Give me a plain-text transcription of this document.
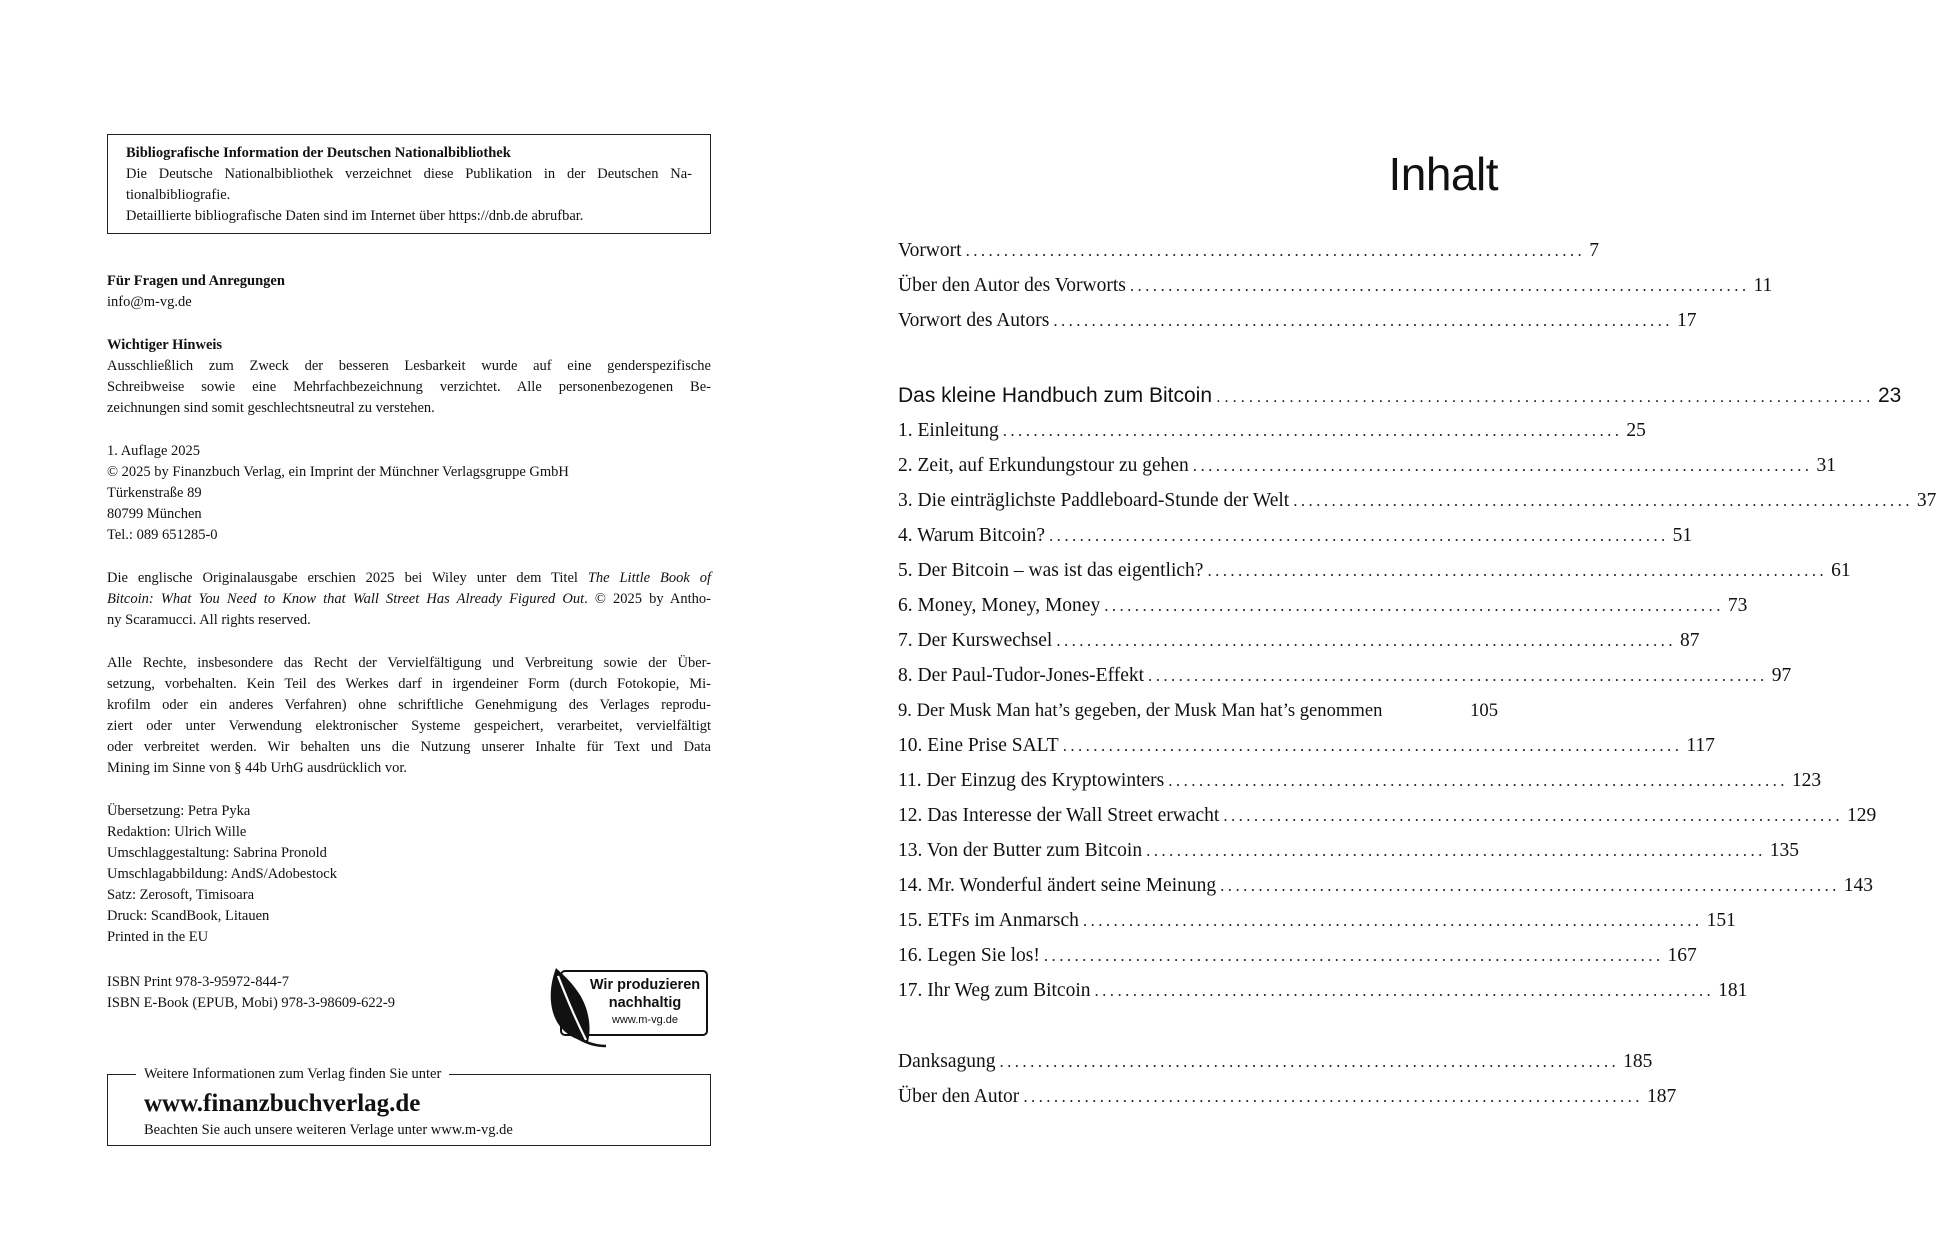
Bibliografische Information der Deutschen Nationalbibliothek
Die Deutsche Nationalbibliothek verzeichnet diese Publikation in der Deutschen Na-
tionalbibliografie.
Detaillierte bibliografische Daten sind im Internet über https://dnb.de abrufbar.
Für Fragen und Anregungen
info@m-vg.de
Wichtiger Hinweis
Ausschließlich zum Zweck der besseren Lesbarkeit wurde auf eine genderspezifische
Schreibweise sowie eine Mehrfachbezeichnung verzichtet. Alle personenbezogenen Be-
zeichnungen sind somit geschlechtsneutral zu verstehen.
1. Auflage 2025
© 2025 by Finanzbuch Verlag, ein Imprint der Münchner Verlagsgruppe GmbH
Türkenstraße 89
80799 München
Tel.: 089 651285-0
Die englische Originalausgabe erschien 2025 bei Wiley unter dem Titel The Little Book of
Bitcoin: What You Need to Know that Wall Street Has Already Figured Out. © 2025 by Antho-
ny Scaramucci. All rights reserved.
Alle Rechte, insbesondere das Recht der Vervielfältigung und Verbreitung sowie der Über-
setzung, vorbehalten. Kein Teil des Werkes darf in irgendeiner Form (durch Fotokopie, Mi-
krofilm oder ein anderes Verfahren) ohne schriftliche Genehmigung des Verlages reprodu-
ziert oder unter Verwendung elektronischer Systeme gespeichert, verarbeitet, vervielfältigt
oder verbreitet werden. Wir behalten uns die Nutzung unserer Inhalte für Text und Data
Mining im Sinne von § 44b UrhG ausdrücklich vor.
Übersetzung: Petra Pyka
Redaktion: Ulrich Wille
Umschlaggestaltung: Sabrina Pronold
Umschlagabbildung: AndS/Adobestock
Satz: Zerosoft, Timisoara
Druck: ScandBook, Litauen
Printed in the EU
ISBN Print 978-3-95972-844-7
ISBN E-Book (EPUB, Mobi) 978-3-98609-622-9
Wir produzieren
nachhaltig
www.m-vg.de
Weitere Informationen zum Verlag finden Sie unter
www.finanzbuchverlag.de
Beachten Sie auch unsere weiteren Verlage unter www.m-vg.de
Inhalt
Vorwort ................................................................................. 7
Über den Autor des Vorworts ................................................................................. 11
Vorwort des Autors ................................................................................. 17
Das kleine Handbuch zum Bitcoin ................................................................................. 23
1. Einleitung ................................................................................. 25
2. Zeit, auf Erkundungstour zu gehen ................................................................................. 31
3. Die einträglichste Paddleboard-Stunde der Welt ................................................................................. 37
4. Warum Bitcoin? ................................................................................. 51
5. Der Bitcoin – was ist das eigentlich? ................................................................................. 61
6. Money, Money, Money ................................................................................. 73
7. Der Kurswechsel ................................................................................. 87
8. Der Paul-Tudor-Jones-Effekt ................................................................................. 97
9. Der Musk Man hat’s gegeben, der Musk Man hat’s genommen	105
10. Eine Prise SALT ................................................................................. 117
11. Der Einzug des Kryptowinters ................................................................................. 123
12. Das Interesse der Wall Street erwacht ................................................................................. 129
13. Von der Butter zum Bitcoin ................................................................................. 135
14. Mr. Wonderful ändert seine Meinung ................................................................................. 143
15. ETFs im Anmarsch ................................................................................. 151
16. Legen Sie los! ................................................................................. 167
17. Ihr Weg zum Bitcoin ................................................................................. 181
Danksagung ................................................................................. 185
Über den Autor ................................................................................. 187
